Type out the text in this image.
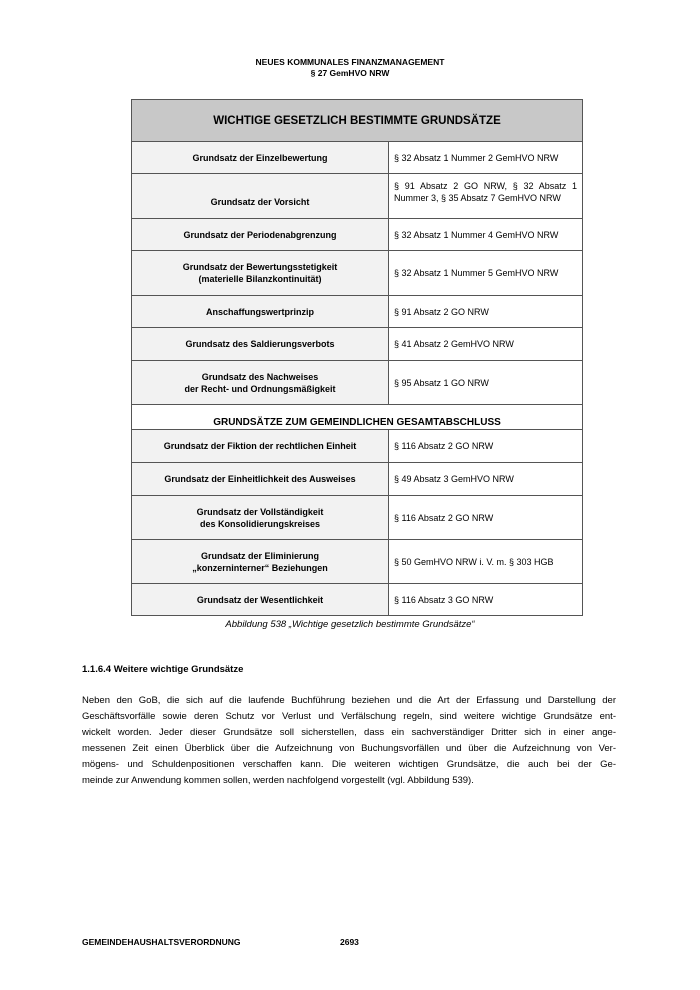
NEUES KOMMUNALES FINANZMANAGEMENT
§ 27 GemHVO NRW
WICHTIGE GESETZLICH BESTIMMTE GRUNDSÄTZE	

Grundsatz der Einzelbewertung	§ 32 Absatz 1 Nummer 2 GemHVO NRW

Grundsatz der Vorsicht	§ 91 Absatz 2 GO NRW, § 32 Absatz 1
Nummer 3, § 35 Absatz 7 GemHVO NRW

Grundsatz der Periodenabgrenzung	§ 32 Absatz 1 Nummer 4 GemHVO NRW

Grundsatz der Bewertungsstetigkeit
(materielle Bilanzkontinuität)	§ 32 Absatz 1 Nummer 5 GemHVO NRW

Anschaffungswertprinzip	§ 91 Absatz 2 GO NRW

Grundsatz des Saldierungsverbots	§ 41 Absatz 2 GemHVO NRW

Grundsatz des Nachweises
der Recht- und Ordnungsmäßigkeit	§ 95 Absatz 1 GO NRW

GRUNDSÄTZE ZUM GEMEINDLICHEN GESAMTABSCHLUSS	

Grundsatz der Fiktion der rechtlichen Einheit	§ 116 Absatz 2 GO NRW

Grundsatz der Einheitlichkeit des Ausweises	§ 49 Absatz 3 GemHVO NRW

Grundsatz der Vollständigkeit
des Konsolidierungskreises	§ 116 Absatz 2 GO NRW

Grundsatz der Eliminierung
„konzerninterner“ Beziehungen	§ 50 GemHVO NRW i. V. m. § 303 HGB

Grundsatz der Wesentlichkeit	§ 116 Absatz 3 GO NRW
Abbildung 538 „Wichtige gesetzlich bestimmte Grundsätze“
1.1.6.4 Weitere wichtige Grundsätze
Neben den GoB, die sich auf die laufende Buchführung beziehen und die Art der Erfassung und Darstellung der
Geschäftsvorfälle sowie deren Schutz vor Verlust und Verfälschung regeln, sind weitere wichtige Grundsätze ent-
wickelt worden. Jeder dieser Grundsätze soll sicherstellen, dass ein sachverständiger Dritter sich in einer ange-
messenen Zeit einen Überblick über die Aufzeichnung von Buchungsvorfällen und über die Aufzeichnung von Ver-
mögens- und Schuldenpositionen verschaffen kann. Die weiteren wichtigen Grundsätze, die auch bei der Ge-
meinde zur Anwendung kommen sollen, werden nachfolgend vorgestellt (vgl. Abbildung 539).
GEMEINDEHAUSHALTSVERORDNUNG	2693
